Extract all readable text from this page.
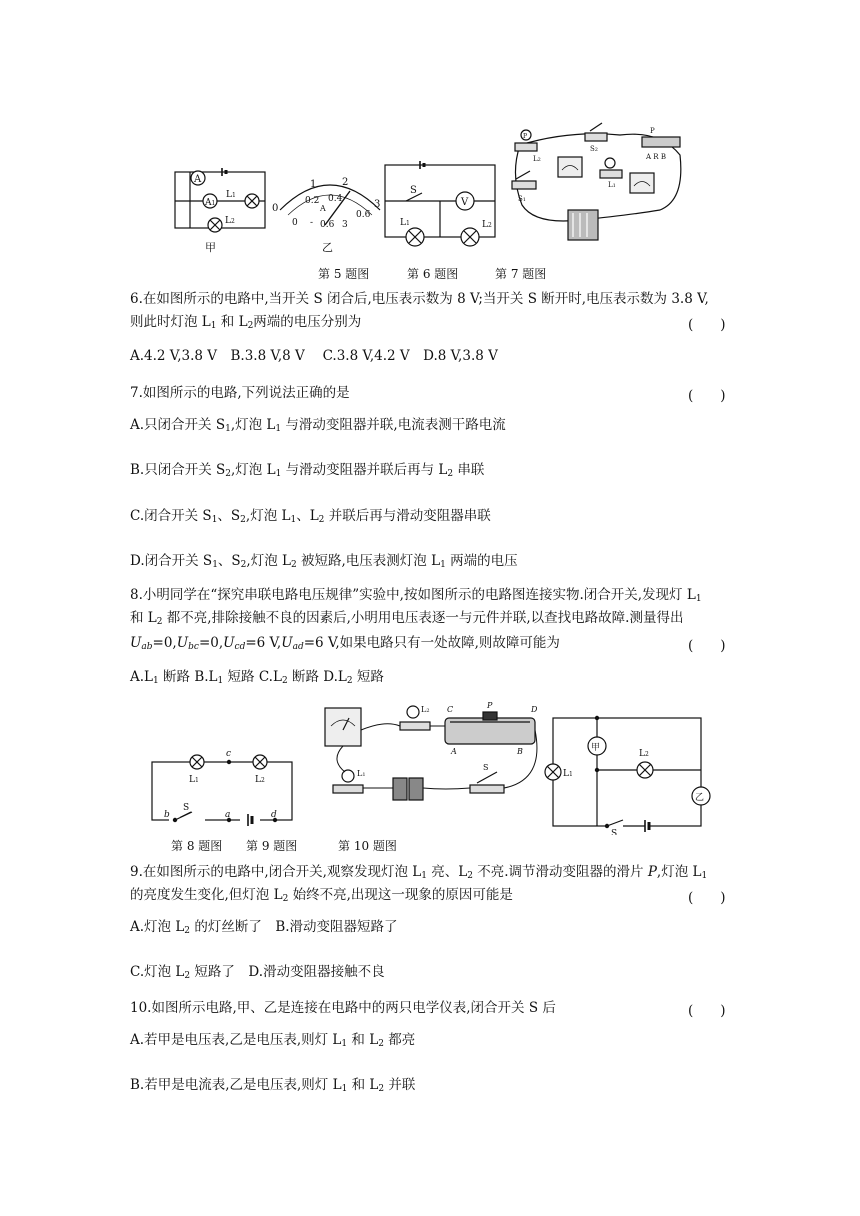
A
A1
L1
L2
甲
0
1	2
3
0.2 0.4
0.6
A
0 - 0.6 3
乙
S
V
L1	L2
P
L2
S2
P
A R B
S1
L1
第 5 题图	第 6 题图	第 7 题图
6.在如图所示的电路中,当开关 S 闭合后,电压表示数为 8 V;当开关 S 断开时,电压表示数为 3.8 V,
则此时灯泡 $L_1$ 和 $L_2$两端的电压分别为	(　　)
A.4.2 V,3.8 V　B.3.8 V,8 V　 C.3.8 V,4.2 V　D.8 V,3.8 V
7.如图所示的电路,下列说法正确的是	(　　)
A.只闭合开关 $S_1$,灯泡 $L_1$ 与滑动变阻器并联,电流表测干路电流
B.只闭合开关 $S_2$,灯泡 $L_1$ 与滑动变阻器并联后再与 $L_2$ 串联
C.闭合开关 $S_1$、$S_2$,灯泡 $L_1$、$L_2$ 并联后再与滑动变阻器串联
D.闭合开关 $S_1$、$S_2$,灯泡 $L_2$ 被短路,电压表测灯泡 $L_1$ 两端的电压
8.小明同学在“探究串联电路电压规律”实验中,按如图所示的电路图连接实物.闭合开关,发现灯 $L_1$
和 $L_2$ 都不亮,排除接触不良的因素后,小明用电压表逐一与元件并联,以查找电路故障.测量得出
$U_{ab}=0,U_{bc}=0,U_{cd}=6$ $V,U_{ad}=6$ V,如果电路只有一处故障,则故障可能为	(　　)
$A.L_1$ 断路 $B.L_1$ 短路 $C.L_2$ 断路 $D.L_2$ 短路
L1	L2
c
b
S
a	d
L2 C	P	D
A	B
L1
S
L1
甲
L2
乙
S
第 8 题图 第 9 题图	第 10 题图
9.在如图所示的电路中,闭合开关,观察发现灯泡 $L_1$ 亮、$L_2$ 不亮.调节滑动变阻器的滑片 P,灯泡 $L_1$
的亮度发生变化,但灯泡 $L_2$ 始终不亮,出现这一现象的原因可能是	(　　)
A.灯泡 $L_2$ 的灯丝断了　B.滑动变阻器短路了
C.灯泡 $L_2$ 短路了　D.滑动变阻器接触不良
10.如图所示电路,甲、乙是连接在电路中的两只电学仪表,闭合开关 S 后	(　　)
A.若甲是电压表,乙是电压表,则灯 $L_1$ 和 $L_2$ 都亮
B.若甲是电流表,乙是电压表,则灯 $L_1$ 和 $L_2$ 并联
